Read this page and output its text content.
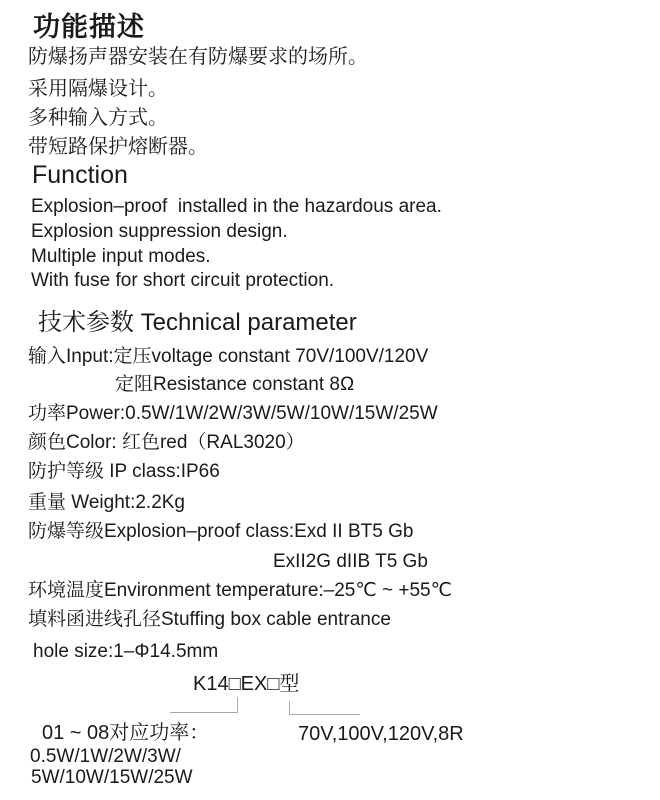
功能描述
防爆扬声器安装在有防爆要求的场所。
采用隔爆设计。
多种输入方式。
带短路保护熔断器。
Function
Explosion–proof  installed in the hazardous area.
Explosion suppression design.
Multiple input modes.
With fuse for short circuit protection.
技术参数 Technical parameter
输入Input:定压voltage constant 70V/100V/120V
定阻Resistance constant 8Ω
功率Power:0.5W/1W/2W/3W/5W/10W/15W/25W
颜色Color: 红色red（RAL3020）
防护等级 IP class:IP66
重量 Weight:2.2Kg
防爆等级Explosion–proof class:Exd II BT5 Gb
ExII2G dIIB T5 Gb
环境温度Environment temperature:–25℃ ~ +55℃
填料函进线孔径Stuffing box cable entrance
hole size:1–Φ14.5mm
K14□EX□型
01 ~ 08对应功率：
0.5W/1W/2W/3W/
5W/10W/15W/25W
70V,100V,120V,8R
